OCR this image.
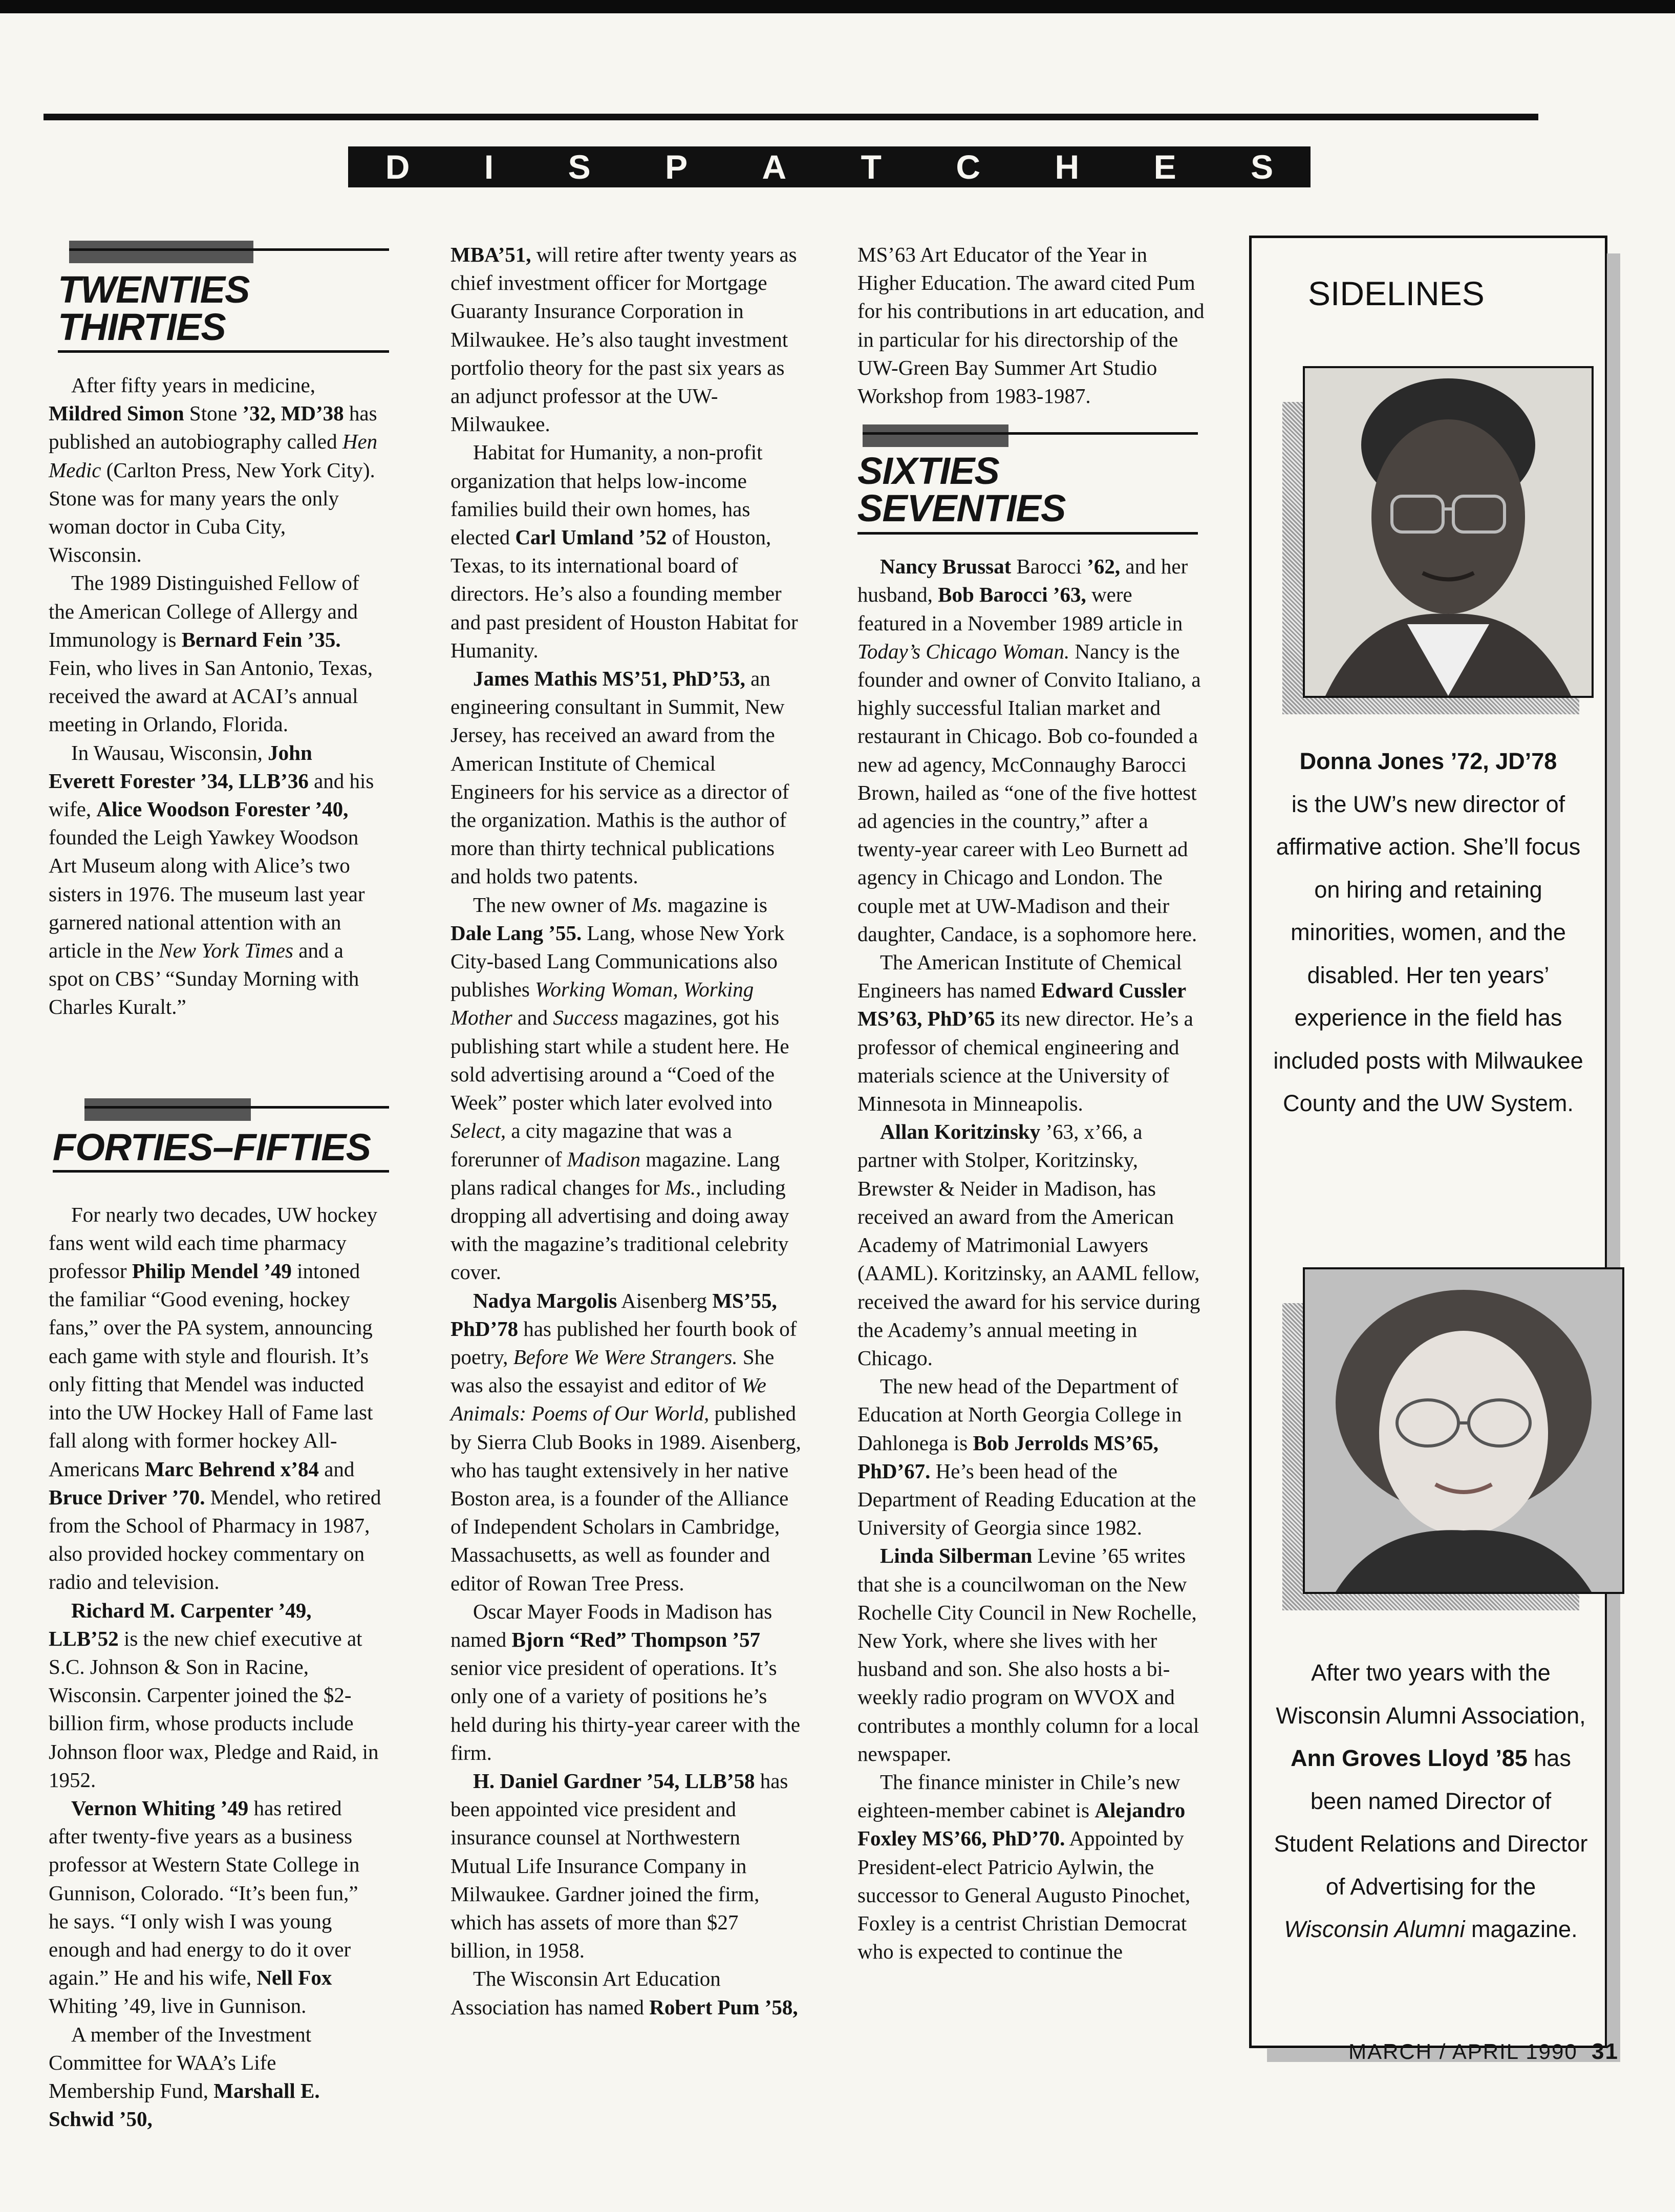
D I S P A T C H E S
TWENTIES
THIRTIES

After fifty years in medicine, Mildred Simon Stone ’32, MD’38 has published an autobiography called Hen Medic (Carlton Press, New York City). Stone was for many years the only woman doctor in Cuba City, Wisconsin.

The 1989 Distinguished Fellow of the American College of Allergy and Immunology is Bernard Fein ’35. Fein, who lives in San Antonio, Texas, received the award at ACAI’s annual meeting in Orlando, Florida.

In Wausau, Wisconsin, John Everett Forester ’34, LLB’36 and his wife, Alice Woodson Forester ’40, founded the Leigh Yawkey Woodson Art Museum along with Alice’s two sisters in 1976. The museum last year garnered national attention with an article in the New York Times and a spot on CBS’ “Sunday Morning with Charles Kuralt.”

FORTIES–FIFTIES

For nearly two decades, UW hockey fans went wild each time pharmacy professor Philip Mendel ’49 intoned the familiar “Good evening, hockey fans,” over the PA system, announcing each game with style and flourish. It’s only fitting that Mendel was inducted into the UW Hockey Hall of Fame last fall along with former hockey All-Americans Marc Behrend x’84 and Bruce Driver ’70. Mendel, who retired from the School of Pharmacy in 1987, also provided hockey commentary on radio and television.

Richard M. Carpenter ’49, LLB’52 is the new chief executive at S.C. Johnson & Son in Racine, Wisconsin. Carpenter joined the $2-billion firm, whose products include Johnson floor wax, Pledge and Raid, in 1952.

Vernon Whiting ’49 has retired after twenty-five years as a business professor at Western State College in Gunnison, Colorado. “It’s been fun,” he says. “I only wish I was young enough and had energy to do it over again.” He and his wife, Nell Fox Whiting ’49, live in Gunnison.

A member of the Investment Committee for WAA’s Life Membership Fund, Marshall E. Schwid ’50,

MBA’51, will retire after twenty years as chief investment officer for Mortgage Guaranty Insurance Corporation in Milwaukee. He’s also taught investment portfolio theory for the past six years as an adjunct professor at the UW-Milwaukee.

Habitat for Humanity, a non-profit organization that helps low-income families build their own homes, has elected Carl Umland ’52 of Houston, Texas, to its international board of directors. He’s also a founding member and past president of Houston Habitat for Humanity.

James Mathis MS’51, PhD’53, an engineering consultant in Summit, New Jersey, has received an award from the American Institute of Chemical Engineers for his service as a director of the organization. Mathis is the author of more than thirty technical publications and holds two patents.

The new owner of Ms. magazine is Dale Lang ’55. Lang, whose New York City-based Lang Communications also publishes Working Woman, Working Mother and Success magazines, got his publishing start while a student here. He sold advertising around a “Coed of the Week” poster which later evolved into Select, a city magazine that was a forerunner of Madison magazine. Lang plans radical changes for Ms., including dropping all advertising and doing away with the magazine’s traditional celebrity cover.

Nadya Margolis Aisenberg MS’55, PhD’78 has published her fourth book of poetry, Before We Were Strangers. She was also the essayist and editor of We Animals: Poems of Our World, published by Sierra Club Books in 1989. Aisenberg, who has taught extensively in her native Boston area, is a founder of the Alliance of Independent Scholars in Cambridge, Massachusetts, as well as founder and editor of Rowan Tree Press.

Oscar Mayer Foods in Madison has named Bjorn “Red” Thompson ’57 senior vice president of operations. It’s only one of a variety of positions he’s held during his thirty-year career with the firm.

H. Daniel Gardner ’54, LLB’58 has been appointed vice president and insurance counsel at Northwestern Mutual Life Insurance Company in Milwaukee. Gardner joined the firm, which has assets of more than $27 billion, in 1958.

The Wisconsin Art Education Association has named Robert Pum ’58,

MS’63 Art Educator of the Year in Higher Education. The award cited Pum for his contributions in art education, and in particular for his directorship of the UW-Green Bay Summer Art Studio Workshop from 1983-1987.

SIXTIES
SEVENTIES

Nancy Brussat Barocci ’62, and her husband, Bob Barocci ’63, were featured in a November 1989 article in Today’s Chicago Woman. Nancy is the founder and owner of Convito Italiano, a highly successful Italian market and restaurant in Chicago. Bob co-founded a new ad agency, McConnaughy Barocci Brown, hailed as “one of the five hottest ad agencies in the country,” after a twenty-year career with Leo Burnett ad agency in Chicago and London. The couple met at UW-Madison and their daughter, Candace, is a sophomore here.

The American Institute of Chemical Engineers has named Edward Cussler MS’63, PhD’65 its new director. He’s a professor of chemical engineering and materials science at the University of Minnesota in Minneapolis.

Allan Koritzinsky ’63, x’66, a partner with Stolper, Koritzinsky, Brewster & Neider in Madison, has received an award from the American Academy of Matrimonial Lawyers (AAML). Koritzinsky, an AAML fellow, received the award for his service during the Academy’s annual meeting in Chicago.

The new head of the Department of Education at North Georgia College in Dahlonega is Bob Jerrolds MS’65, PhD’67. He’s been head of the Department of Reading Education at the University of Georgia since 1982.

Linda Silberman Levine ’65 writes that she is a councilwoman on the New Rochelle City Council in New Rochelle, New York, where she lives with her husband and son. She also hosts a bi-weekly radio program on WVOX and contributes a monthly column for a local newspaper.

The finance minister in Chile’s new eighteen-member cabinet is Alejandro Foxley MS’66, PhD’70. Appointed by President-elect Patricio Aylwin, the successor to General Augusto Pinochet, Foxley is a centrist Christian Democrat who is expected to continue the

SIDELINES
Donna Jones ’72, JD’78
is the UW’s new director of affirmative action. She’ll focus on hiring and retaining minorities, women, and the disabled. Her ten years’ experience in the field has included posts with Milwaukee County and the UW System.
After two years with the Wisconsin Alumni Association, Ann Groves Lloyd ’85 has been named Director of Student Relations and Director of Advertising for the Wisconsin Alumni magazine.
MARCH / APRIL 1990 31
